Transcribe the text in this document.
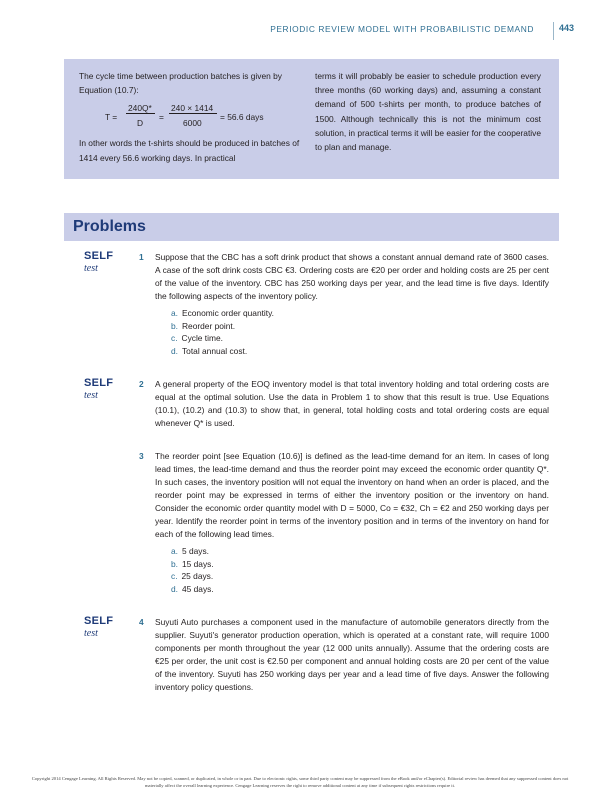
PERIODIC REVIEW MODEL WITH PROBABILISTIC DEMAND	443

The cycle time between production batches is given by Equation (10.7):

T =
240Q*
D
=
240 × 1414
6000
= 56.6 days

In other words the t-shirts should be produced in batches of 1414 every 56.6 working days. In practical

terms it will probably be easier to schedule production every three months (60 working days) and, assuming a constant demand of 500 t-shirts per month, to produce batches of 1500. Although technically this is not the minimum cost solution, in practical terms it will be easier for the cooperative to plan and manage.

Problems
SELF
test
SELF
test
SELF
test
1 Suppose that the CBC has a soft drink product that shows a constant annual demand rate of 3600 cases. A case of the soft drink costs CBC €3. Ordering costs are €20 per order and holding costs are 25 per cent of the value of the inventory. CBC has 250 working days per year, and the lead time is five days. Identify the following aspects of the inventory policy.

a. Economic order quantity.
b. Reorder point.
c. Cycle time.
d. Total annual cost.
2 A general property of the EOQ inventory model is that total inventory holding and total ordering costs are equal at the optimal solution. Use the data in Problem 1 to show that this result is true. Use Equations (10.1), (10.2) and (10.3) to show that, in general, total holding costs and total ordering costs are equal whenever Q* is used.

3 The reorder point [see Equation (10.6)] is defined as the lead-time demand for an item. In cases of long lead times, the lead-time demand and thus the reorder point may exceed the economic order quantity Q*. In such cases, the inventory position will not equal the inventory on hand when an order is placed, and the reorder point may be expressed in terms of either the inventory position or the inventory on hand. Consider the economic order quantity model with D = 5000, Co = €32, Ch = €2 and 250 working days per year. Identify the reorder point in terms of the inventory position and in terms of the inventory on hand for each of the following lead times.

a. 5 days.
b. 15 days.
c. 25 days.
d. 45 days.
4 Suyuti Auto purchases a component used in the manufacture of automobile generators directly from the supplier. Suyuti's generator production operation, which is operated at a constant rate, will require 1000 components per month throughout the year (12 000 units annually). Assume that the ordering costs are €25 per order, the unit cost is €2.50 per component and annual holding costs are 20 per cent of the value of the inventory. Suyuti has 250 working days per year and a lead time of five days. Answer the following inventory policy questions.

Copyright 2014 Cengage Learning. All Rights Reserved. May not be copied, scanned, or duplicated, in whole or in part. Due to electronic rights, some third party content may be suppressed from the eBook and/or eChapter(s). Editorial review has deemed that any suppressed content does not materially affect the overall learning experience. Cengage Learning reserves the right to remove additional content at any time if subsequent rights restrictions require it.
